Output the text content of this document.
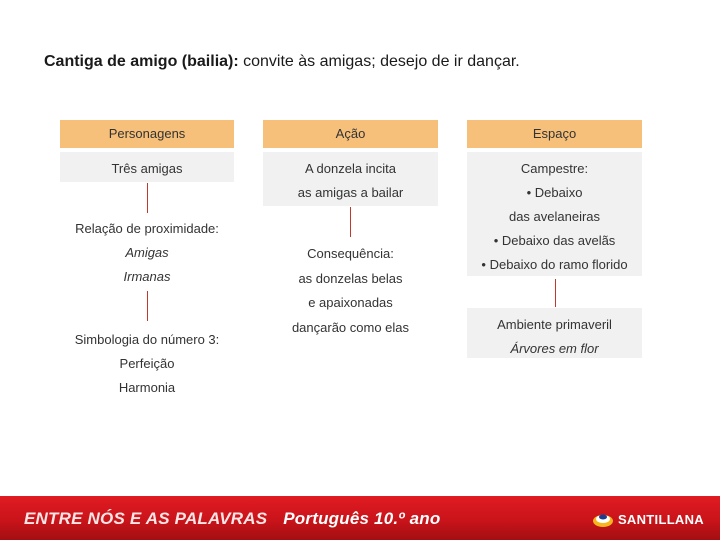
Cantiga de amigo (bailia): convite às amigas; desejo de ir dançar.
Personagens
Três amigas
Relação de proximidade:
Amigas
Irmanas
Simbologia do número 3:
Perfeição
Harmonia
Ação
A donzela incita
as amigas a bailar
Consequência:
as donzelas belas
e apaixonadas
dançarão como elas
Espaço
Campestre:
• Debaixo
das avelaneiras
• Debaixo das avelãs
• Debaixo do ramo florido
Ambiente primaveril
Árvores em flor
ENTRE NÓS E AS PALAVRAS Português 10.º ano	SANTILLANA
